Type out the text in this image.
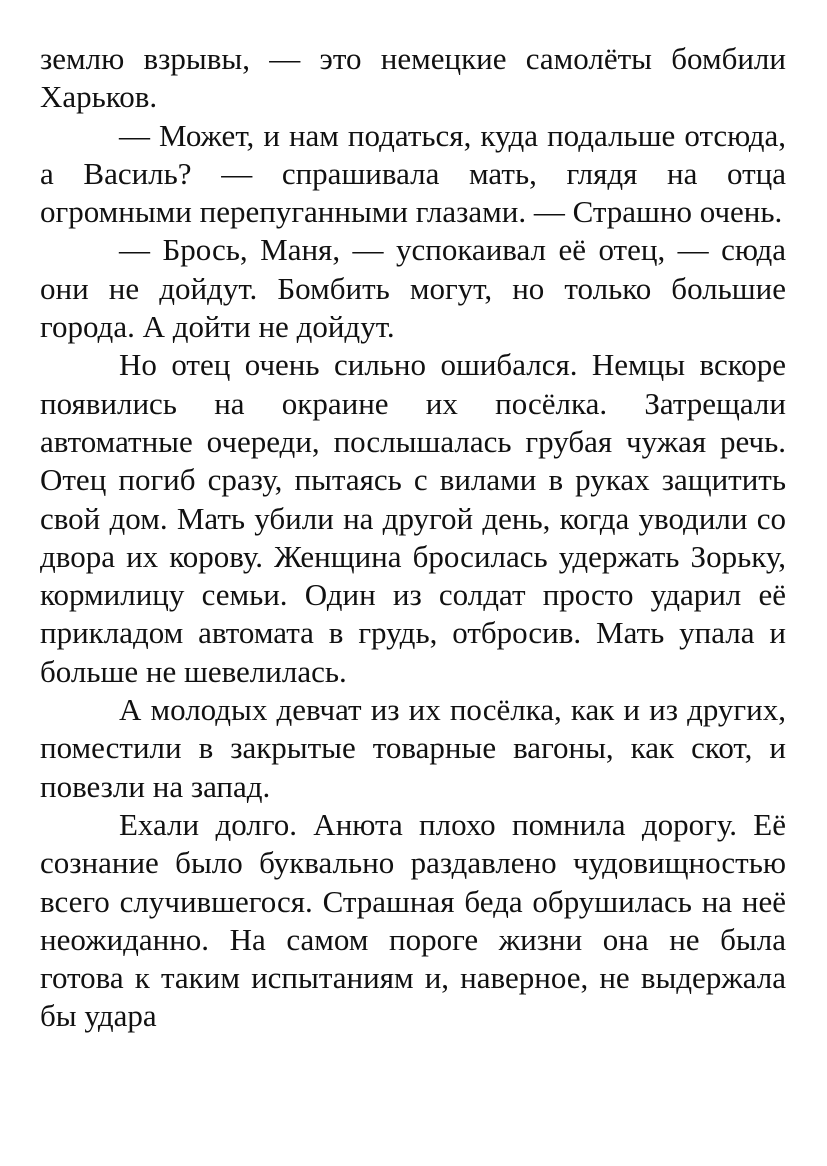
землю взрывы, — это немецкие самолёты бомбили Харьков.

— Может, и нам податься, куда подальше отсюда, а Василь? — спрашивала мать, глядя на отца огромными перепуганными глазами. — Страшно очень.

— Брось, Маня, — успокаивал её отец, — сюда они не дойдут. Бомбить могут, но только большие города. А дойти не дойдут.

Но отец очень сильно ошибался. Немцы вскоре появились на окраине их посёлка. Затрещали автоматные очереди, послышалась грубая чужая речь. Отец погиб сразу, пытаясь с вилами в руках защитить свой дом. Мать убили на другой день, когда уводили со двора их корову. Женщина бросилась удержать Зорьку, кормилицу семьи. Один из солдат просто ударил её прикладом автомата в грудь, отбросив. Мать упала и больше не шевелилась.

А молодых девчат из их посёлка, как и из других, поместили в закрытые товарные вагоны, как скот, и повезли на запад.

Ехали долго. Анюта плохо помнила дорогу. Её сознание было буквально раздавлено чудовищностью всего случившегося. Страшная беда обрушилась на неё неожиданно. На самом пороге жизни она не была готова к таким испытаниям и, наверное, не выдержала бы удара
